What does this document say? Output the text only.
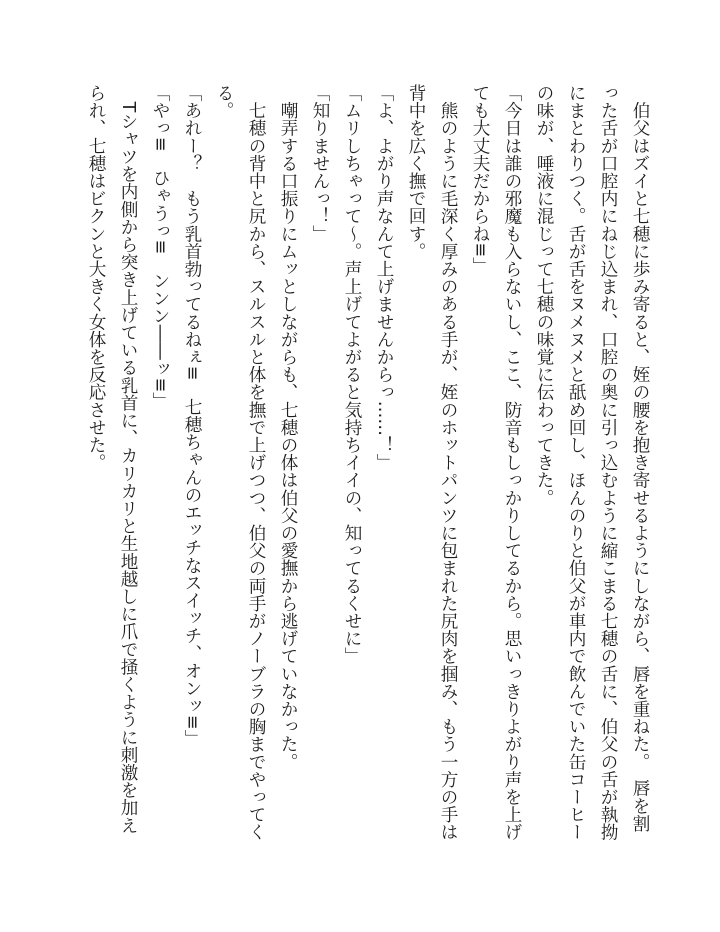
　伯父はズイと七穂に歩み寄ると、姪の腰を抱き寄せるようにしながら、唇を重ねた。　唇を割
った舌が口腔内にねじ込まれ、口腔の奥に引っ込むように縮こまる七穂の舌に、伯父の舌が執拗
にまとわりつく。舌が舌をヌメヌメと舐め回し、ほんのりと伯父が車内で飲んでいた缶コーヒー
の味が、唾液に混じって七穂の味覚に伝わってきた。
「今日は誰の邪魔も入らないし、ここ、防音もしっかりしてるから。思いっきりよがり声を上げ
ても大丈夫だからね≡」
　熊のように毛深く厚みのある手が、姪のホットパンツに包まれた尻肉を掴み、もう一方の手は
背中を広く撫で回す。
「よ、よがり声なんて上げませんからっ……！」
「ムリしちゃって〜。声上げてよがると気持ちイイの、知ってるくせに」
「知りませんっ！」
　嘲弄する口振りにムッとしながらも、七穂の体は伯父の愛撫から逃げていなかった。
　七穂の背中と尻から、スルスルと体を撫で上げつつ、伯父の両手がノーブラの胸までやってく
る。
「あれー？　もう乳首勃ってるねぇ≡　七穂ちゃんのエッチなスイッチ、オンッ≡」
「やっ≡　ひゃうっ≡　ンンン――ッ≡」
　Tシャツを内側から突き上げている乳首に、カリカリと生地越しに爪で掻くように刺激を加え
られ、七穂はビクンと大きく女体を反応させた。
